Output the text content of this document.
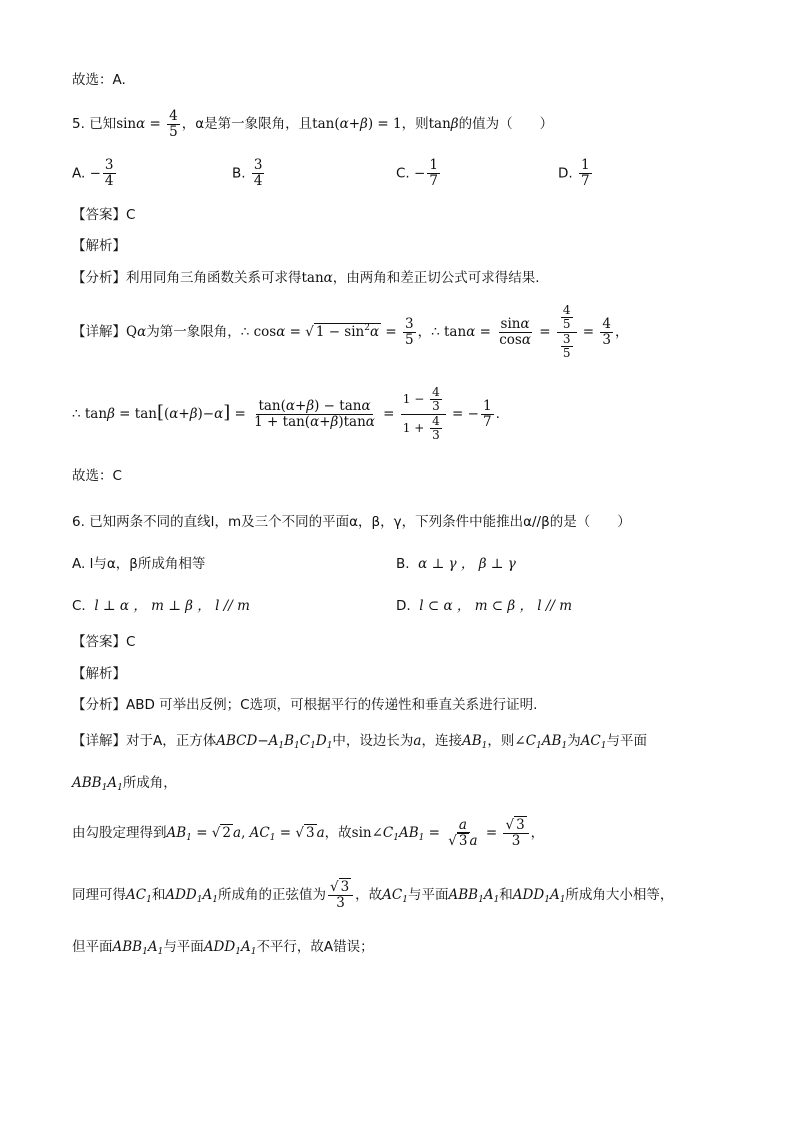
故选：A.
5. 已知$\sin\alpha = \frac{4}{5}$ ，α是第一象限角，且tan(α+β) = 1，则tanβ的值为（　　）
A. − $\frac{3}{4}$	B. $\frac{3}{4}$	C. − $\frac{1}{7}$	D. $\frac{1}{7}$
【答案】C
【解析】
【分析】利用同角三角函数关系可求得tanα，由两角和差正切公式可求得结果.
【详解】Qα为第一象限角，∴ cosα = √ $1 - \sin^2\alpha = \frac{3}{5}$ ，∴ $\tan\alpha = \frac{\sin\alpha}{\cos\alpha} = \frac{\frac{4}{5}}{\frac{3}{5}} = \frac{4}{3}$ ，
∴ $\tan\beta = \tan[(\alpha+\beta)-\alpha] = \frac{\tan(\alpha+\beta) - \tan\alpha}{1 + \tan(\alpha+\beta)\tan\alpha} = \frac{1 - \frac{4}{3}}{1 + \frac{4}{3}}$ = − $\frac{1}{7}$ .
故选：C
6. 已知两条不同的直线l，m及三个不同的平面α，β，γ，下列条件中能推出α//β的是（　　）
A. l与α，β所成角相等	B. α ⊥ γ ， β ⊥ γ
C. l ⊥ α ， m ⊥ β ， l // m	D. l ⊂ α ， m ⊂ β ， l // m
【答案】C
【解析】
【分析】ABD 可举出反例；C选项，可根据平行的传递性和垂直关系进行证明.
【详解】对于A，正方体$ABCD-A_1B_1C_1D_1$中，设边长为a，连接$AB_1$，则$\angle C_1AB_1$为$AC_1$与平面
$ABB_1A_1$所成角，
由勾股定理得到$AB_1$ = √ 2 a, $AC_1$ = √ 3 a，故$\sin\angle C_1AB_1 = \frac{a}{√ 3 a} = \frac{√ 3}{3}$ ，
同理可得$AC_1$和$ADD_1A_1$所成角的正弦值为 $\frac{√ 3}{3}$ ，故$AC_1$与平面$ABB_1A_1$和$ADD_1A_1$所成角大小相等，
但平面$ABB_1A_1$与平面$ADD_1A_1$不平行，故A错误；
